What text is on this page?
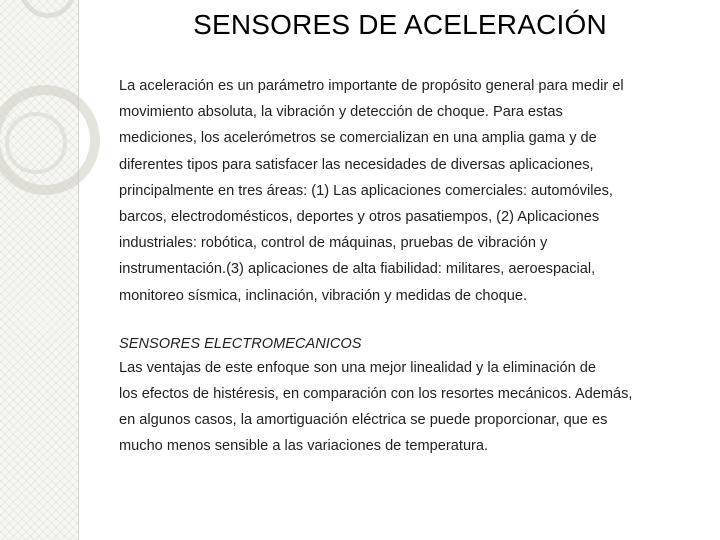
SENSORES DE ACELERACIÓN
La aceleración es un parámetro importante de propósito general para medir el
movimiento absoluta, la vibración y detección de choque. Para estas
mediciones, los acelerómetros se comercializan en una amplia gama y de
diferentes tipos para satisfacer las necesidades de diversas aplicaciones,
principalmente en tres áreas: (1) Las aplicaciones comerciales: automóviles,
barcos, electrodomésticos, deportes y otros pasatiempos, (2) Aplicaciones
industriales: robótica, control de máquinas, pruebas de vibración y
instrumentación.(3) aplicaciones de alta fiabilidad: militares, aeroespacial,
monitoreo sísmica, inclinación, vibración y medidas de choque.
SENSORES ELECTROMECANICOS
Las ventajas de este enfoque son una mejor linealidad y la eliminación de
los efectos de histéresis, en comparación con los resortes mecánicos. Además,
en algunos casos, la amortiguación eléctrica se puede proporcionar, que es
mucho menos sensible a las variaciones de temperatura.
